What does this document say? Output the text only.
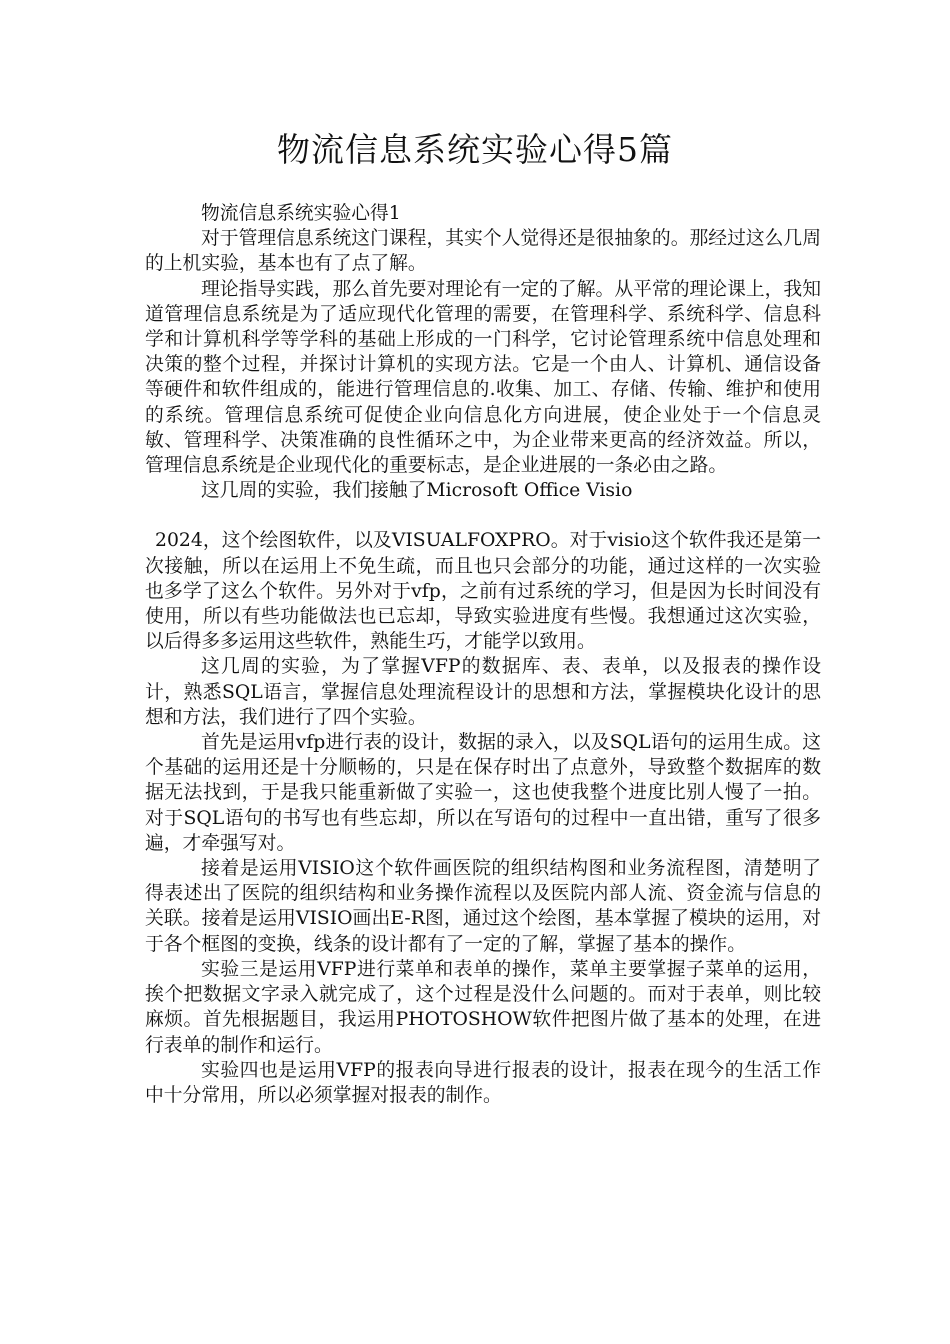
物流信息系统实验心得5篇

物流信息系统实验心得1

对于管理信息系统这门课程，其实个人觉得还是很抽象的。那经过这么几周的上机实验，基本也有了点了解。

理论指导实践，那么首先要对理论有一定的了解。从平常的理论课上，我知道管理信息系统是为了适应现代化管理的需要，在管理科学、系统科学、信息科学和计算机科学等学科的基础上形成的一门科学，它讨论管理系统中信息处理和决策的整个过程，并探讨计算机的实现方法。它是一个由人、计算机、通信设备等硬件和软件组成的，能进行管理信息的.收集、加工、存储、传输、维护和使用的系统。管理信息系统可促使企业向信息化方向进展，使企业处于一个信息灵敏、管理科学、决策准确的良性循环之中，为企业带来更高的经济效益。所以，管理信息系统是企业现代化的重要标志，是企业进展的一条必由之路。

这几周的实验，我们接触了Microsoft Office Visio

2024，这个绘图软件，以及VISUALFOXPRO。对于visio这个软件我还是第一次接触，所以在运用上不免生疏，而且也只会部分的功能，通过这样的一次实验也多学了这么个软件。另外对于vfp，之前有过系统的学习，但是因为长时间没有使用，所以有些功能做法也已忘却，导致实验进度有些慢。我想通过这次实验，以后得多多运用这些软件，熟能生巧，才能学以致用。

这几周的实验，为了掌握VFP的数据库、表、表单，以及报表的操作设计，熟悉SQL语言，掌握信息处理流程设计的思想和方法，掌握模块化设计的思想和方法，我们进行了四个实验。

首先是运用vfp进行表的设计，数据的录入，以及SQL语句的运用生成。这个基础的运用还是十分顺畅的，只是在保存时出了点意外，导致整个数据库的数据无法找到，于是我只能重新做了实验一，这也使我整个进度比别人慢了一拍。对于SQL语句的书写也有些忘却，所以在写语句的过程中一直出错，重写了很多遍，才牵强写对。

接着是运用VISIO这个软件画医院的组织结构图和业务流程图，清楚明了得表述出了医院的组织结构和业务操作流程以及医院内部人流、资金流与信息的关联。接着是运用VISIO画出E-R图，通过这个绘图，基本掌握了模块的运用，对于各个框图的变换，线条的设计都有了一定的了解，掌握了基本的操作。

实验三是运用VFP进行菜单和表单的操作，菜单主要掌握子菜单的运用，挨个把数据文字录入就完成了，这个过程是没什么问题的。而对于表单，则比较麻烦。首先根据题目，我运用PHOTOSHOW软件把图片做了基本的处理，在进行表单的制作和运行。

实验四也是运用VFP的报表向导进行报表的设计，报表在现今的生活工作中十分常用，所以必须掌握对报表的制作。
